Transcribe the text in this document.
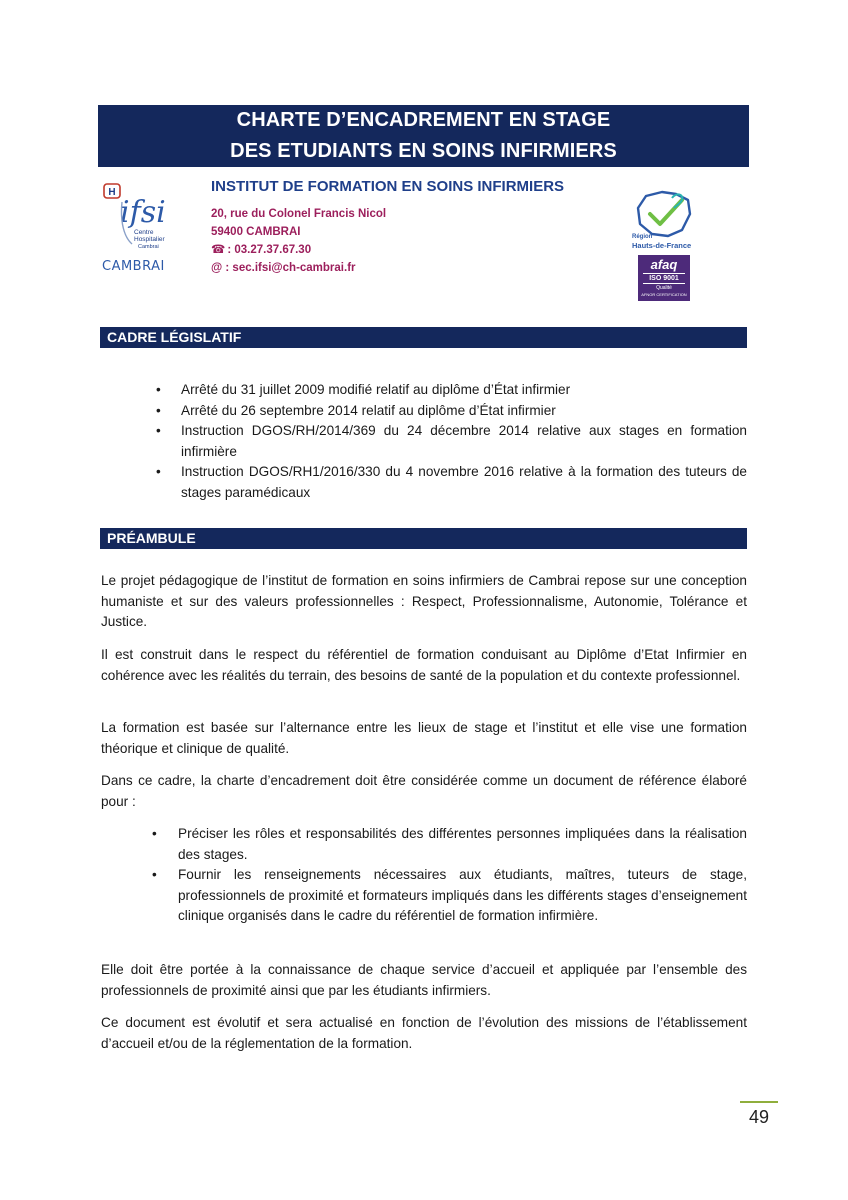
CHARTE D’ENCADREMENT EN STAGE
DES ETUDIANTS EN SOINS INFIRMIERS
H
ifsi
Centre
Hospitalier
Cambrai
CAMBRAI
INSTITUT DE FORMATION EN SOINS INFIRMIERS
20, rue du Colonel Francis Nicol
59400 CAMBRAI
☎ : 03.27.37.67.30
@ : sec.ifsi@ch-cambrai.fr
Région
Hauts-de-France
afaq
ISO 9001
Qualité
AFNOR CERTIFICATION
CADRE LÉGISLATIF
• Arrêté du 31 juillet 2009 modifié relatif au diplôme d’État infirmier
• Arrêté du 26 septembre 2014 relatif au diplôme d’État infirmier
• Instruction DGOS/RH/2014/369 du 24 décembre 2014 relative aux stages en formation infirmière
• Instruction DGOS/RH1/2016/330 du 4 novembre 2016 relative à la formation des tuteurs de stages paramédicaux
PRÉAMBULE

Le projet pédagogique de l’institut de formation en soins infirmiers de Cambrai repose sur une conception humaniste et sur des valeurs professionnelles : Respect, Professionnalisme, Autonomie, Tolérance et Justice.

Il est construit dans le respect du référentiel de formation conduisant au Diplôme d’Etat Infirmier en cohérence avec les réalités du terrain, des besoins de santé de la population et du contexte professionnel.

La formation est basée sur l’alternance entre les lieux de stage et l’institut et elle vise une formation théorique et clinique de qualité.

Dans ce cadre, la charte d’encadrement doit être considérée comme un document de référence élaboré pour :

• Préciser les rôles et responsabilités des différentes personnes impliquées dans la réalisation des stages.
• Fournir les renseignements nécessaires aux étudiants, maîtres, tuteurs de stage, professionnels de proximité et formateurs impliqués dans les différents stages d’enseignement clinique organisés dans le cadre du référentiel de formation infirmière.

Elle doit être portée à la connaissance de chaque service d’accueil et appliquée par l’ensemble des professionnels de proximité ainsi que par les étudiants infirmiers.

Ce document est évolutif et sera actualisé en fonction de l’évolution des missions de l’établissement d’accueil et/ou de la réglementation de la formation.

49
